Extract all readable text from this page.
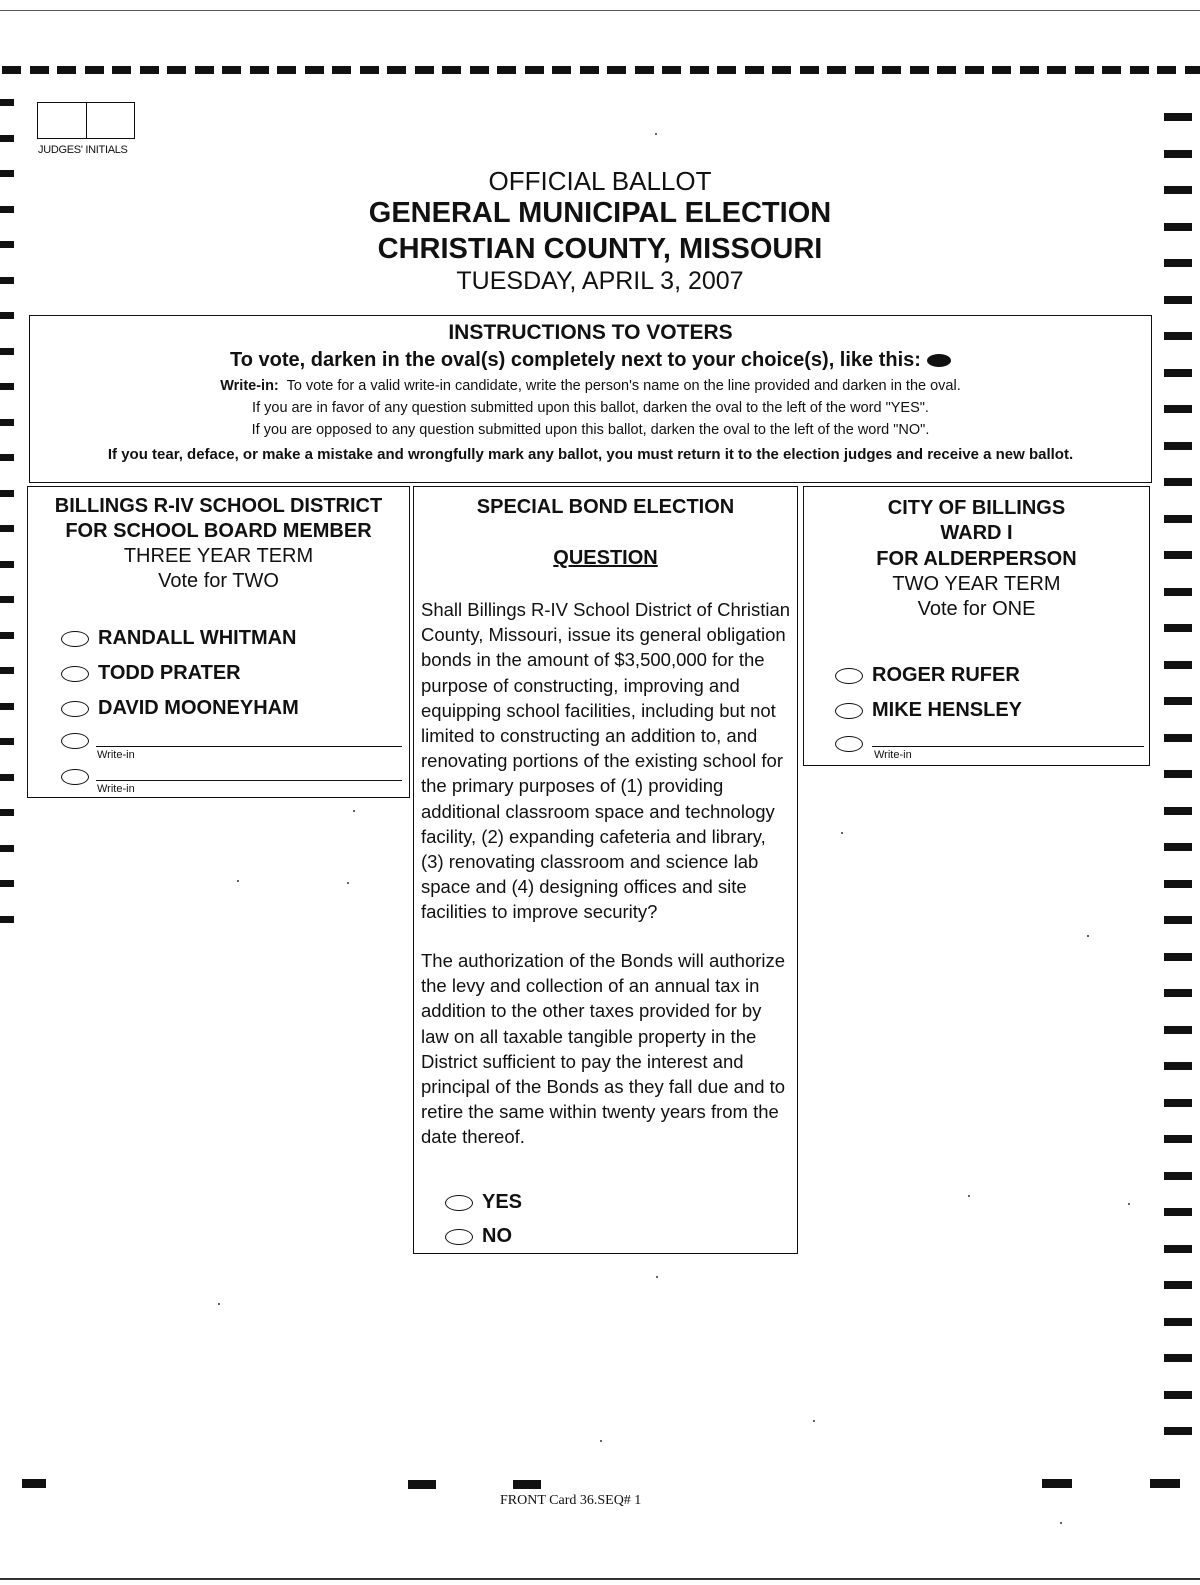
JUDGES' INITIALS
OFFICIAL BALLOT
GENERAL MUNICIPAL ELECTION
CHRISTIAN COUNTY, MISSOURI
TUESDAY, APRIL 3, 2007
INSTRUCTIONS TO VOTERS
To vote, darken in the oval(s) completely next to your choice(s), like this:
Write-in: To vote for a valid write-in candidate, write the person's name on the line provided and darken in the oval.
If you are in favor of any question submitted upon this ballot, darken the oval to the left of the word "YES".
If you are opposed to any question submitted upon this ballot, darken the oval to the left of the word "NO".
If you tear, deface, or make a mistake and wrongfully mark any ballot, you must return it to the election judges and receive a new ballot.
BILLINGS R-IV SCHOOL DISTRICT
FOR SCHOOL BOARD MEMBER
THREE YEAR TERM
Vote for TWO
RANDALL WHITMAN
TODD PRATER
DAVID MOONEYHAM
Write-in
Write-in
SPECIAL BOND ELECTION
QUESTION
Shall Billings R-IV School District of Christian County, Missouri, issue its general obligation bonds in the amount of $3,500,000 for the purpose of constructing, improving and equipping school facilities, including but not limited to constructing an addition to, and renovating portions of the existing school for the primary purposes of (1) providing additional classroom space and technology facility, (2) expanding cafeteria and library, (3) renovating classroom and science lab space and (4) designing offices and site facilities to improve security?
The authorization of the Bonds will authorize the levy and collection of an annual tax in addition to the other taxes provided for by law on all taxable tangible property in the District sufficient to pay the interest and principal of the Bonds as they fall due and to retire the same within twenty years from the date thereof.
YES
NO
CITY OF BILLINGS
WARD I
FOR ALDERPERSON
TWO YEAR TERM
Vote for ONE
ROGER RUFER
MIKE HENSLEY
Write-in
FRONT Card 36.SEQ# 1
